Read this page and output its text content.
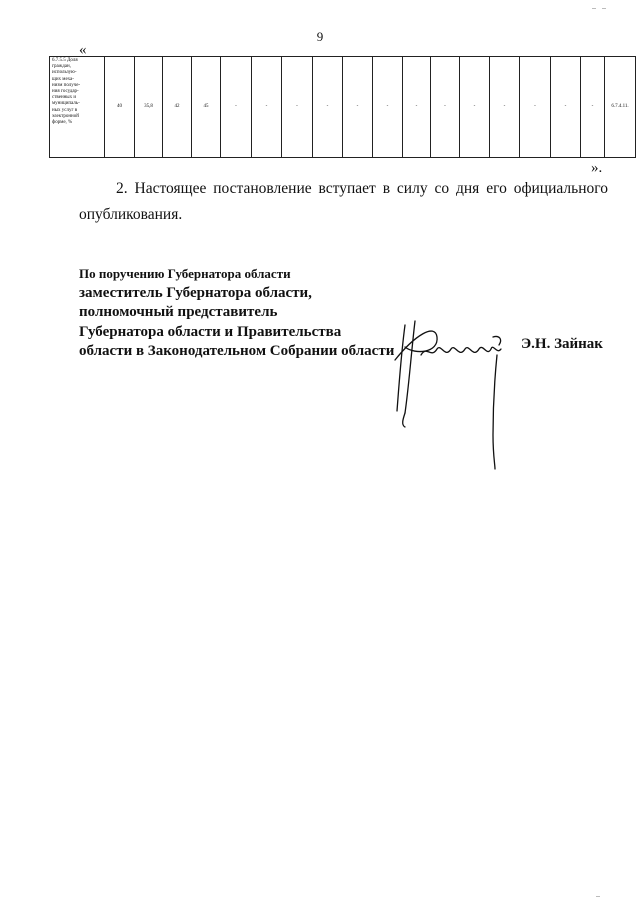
9
«
6.7.5.5 Доля
граждан,
использую-
щих меха-
низм получе-
ния государ-
ственных и
муниципаль-
ных услуг в
электронной
форме, %
	40	35,8	42	45	-	-	-	-	-	-	-	-	-	-	-	-	-	6.7.4.11.
».
2. Настоящее постановление вступает в силу со дня его официального опубликования.
По поручению Губернатора области
заместитель Губернатора области,
полномочный представитель
Губернатора области и Правительства
области в Законодательном Собрании области	Э.Н. Зайнак
